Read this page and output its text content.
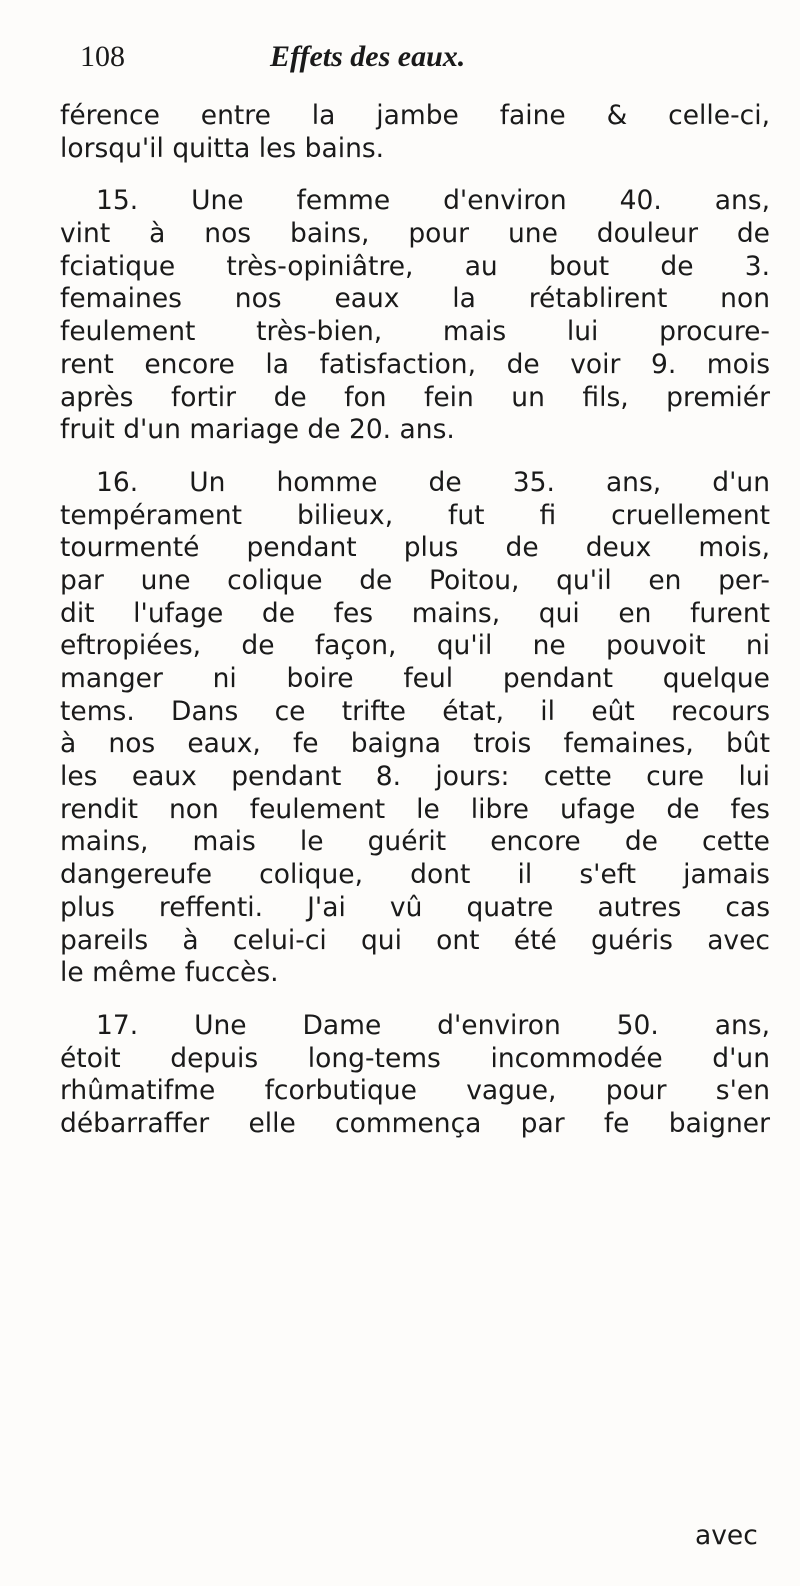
108	Effets des eaux.
férence entre la jambe faine & celle-ci,
lorsqu'il quitta les bains.
15. Une femme d'environ 40. ans,
vint à nos bains, pour une douleur de
fciatique très-opiniâtre, au bout de 3.
femaines nos eaux la rétablirent non
feulement très-bien, mais lui procure-
rent encore la fatisfaction, de voir 9. mois
après fortir de fon fein un fils, premiér
fruit d'un mariage de 20. ans.
16. Un homme de 35. ans, d'un
tempérament bilieux, fut fi cruellement
tourmenté pendant plus de deux mois,
par une colique de Poitou, qu'il en per-
dit l'ufage de fes mains, qui en furent
eftropiées, de façon, qu'il ne pouvoit ni
manger ni boire feul pendant quelque
tems. Dans ce trifte état, il eût recours
à nos eaux, fe baigna trois femaines, bût
les eaux pendant 8. jours: cette cure lui
rendit non feulement le libre ufage de fes
mains, mais le guérit encore de cette
dangereufe colique, dont il s'eft jamais
plus reffenti. J'ai vû quatre autres cas
pareils à celui-ci qui ont été guéris avec
le même fuccès.
17. Une Dame d'environ 50. ans,
étoit depuis long-tems incommodée d'un
rhûmatifme fcorbutique vague, pour s'en
débarraffer elle commença par fe baigner
avec
